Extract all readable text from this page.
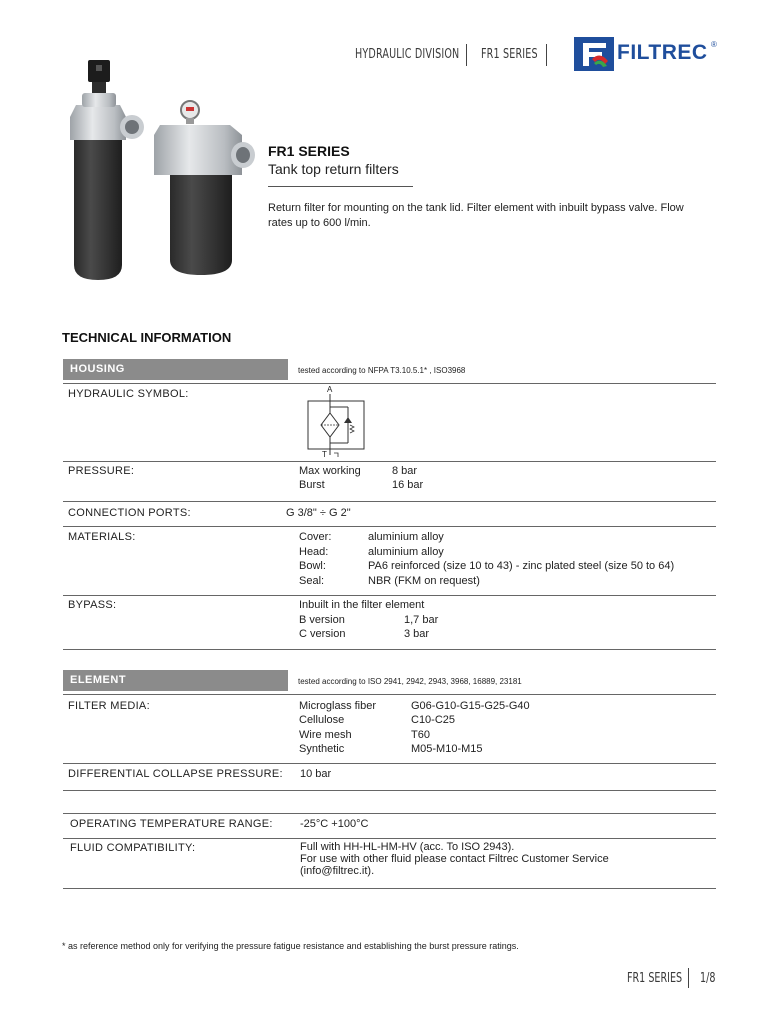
HYDRAULIC DIVISION FR1 SERIES	FILTREC ®
FR1 SERIES
Tank top return filters
Return filter for mounting on the tank lid. Filter element with inbuilt bypass valve. Flow rates up to 600 l/min.
TECHNICAL INFORMATION
HOUSING	tested according to NFPA T3.10.5.1* , ISO3968
HYDRAULIC SYMBOL:	A
T
PRESSURE:	Max working	8 bar
Burst	16 bar
CONNECTION PORTS:	G 3/8" ÷ G 2"
MATERIALS:	Cover:	aluminium alloy
Head:	aluminium alloy
Bowl:	PA6 reinforced (size 10 to 43) - zinc plated steel (size 50 to 64)
Seal:	NBR (FKM on request)
BYPASS:	Inbuilt in the filter element
B version	1,7 bar
C version	3 bar
ELEMENT	tested according to ISO 2941, 2942, 2943, 3968, 16889, 23181
FILTER MEDIA:	Microglass fiber	G06-G10-G15-G25-G40
Cellulose	C10-C25
Wire mesh	T60
Synthetic	M05-M10-M15
DIFFERENTIAL COLLAPSE PRESSURE: 10 bar
OPERATING TEMPERATURE RANGE: -25°C +100°C
FLUID COMPATIBILITY:	Full with HH-HL-HM-HV (acc. To ISO 2943).
For use with other fluid please contact Filtrec Customer Service
(info@filtrec.it).
* as reference method only for verifying the pressure fatigue resistance and establishing the burst pressure ratings.
FR1 SERIES 1/8
